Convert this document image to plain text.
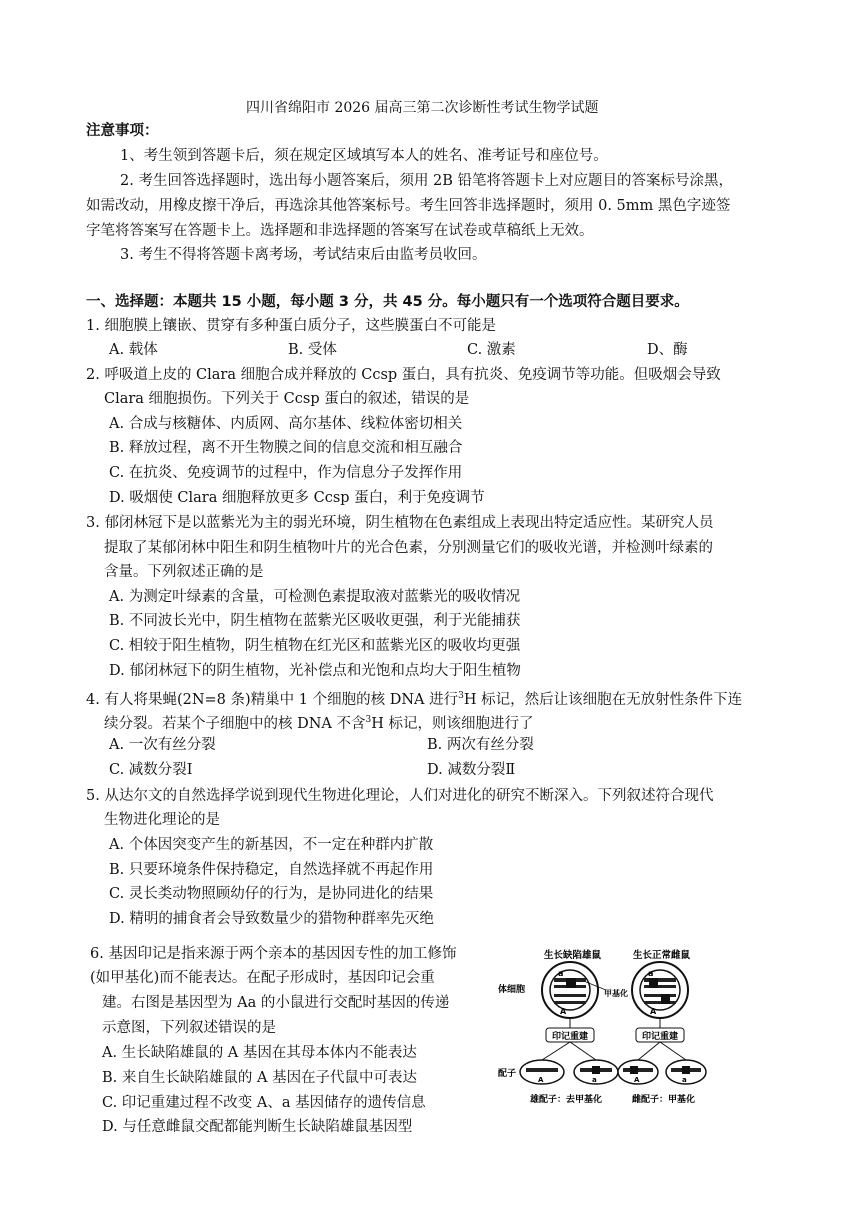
四川省绵阳市 2026 届高三第二次诊断性考试生物学试题
注意事项：
1、考生领到答题卡后，须在规定区域填写本人的姓名、准考证号和座位号。
2. 考生回答选择题时，选出每小题答案后，须用 2B 铅笔将答题卡上对应题目的答案标号涂黑，
如需改动，用橡皮擦干净后，再选涂其他答案标号。考生回答非选择题时，须用 0. 5mm 黑色字迹签
字笔将答案写在答题卡上。选择题和非选择题的答案写在试卷或草稿纸上无效。
3. 考生不得将答题卡离考场，考试结束后由监考员收回。
一、选择题：本题共 15 小题，每小题 3 分，共 45 分。每小题只有一个选项符合题目要求。
1. 细胞膜上镶嵌、贯穿有多种蛋白质分子，这些膜蛋白不可能是
A. 载体	B. 受体	C. 激素	D、酶
2. 呼吸道上皮的 Clara 细胞合成并释放的 Ccsp 蛋白，具有抗炎、免疫调节等功能。但吸烟会导致
Clara 细胞损伤。下列关于 Ccsp 蛋白的叙述，错误的是
A. 合成与核糖体、内质网、高尔基体、线粒体密切相关
B. 释放过程，离不开生物膜之间的信息交流和相互融合
C. 在抗炎、免疫调节的过程中，作为信息分子发挥作用
D. 吸烟使 Clara 细胞释放更多 Ccsp 蛋白，利于免疫调节
3. 郁闭林冠下是以蓝紫光为主的弱光环境，阴生植物在色素组成上表现出特定适应性。某研究人员
提取了某郁闭林中阳生和阴生植物叶片的光合色素，分别测量它们的吸收光谱，并检测叶绿素的
含量。下列叙述正确的是
A. 为测定叶绿素的含量，可检测色素提取液对蓝紫光的吸收情况
B. 不同波长光中，阴生植物在蓝紫光区吸收更强，利于光能捕获
C. 相较于阳生植物，阴生植物在红光区和蓝紫光区的吸收均更强
D. 郁闭林冠下的阴生植物，光补偿点和光饱和点均大于阳生植物
4. 有人将果蝇(2N=8 条)精巢中 1 个细胞的核 DNA 进行$^3$H 标记，然后让该细胞在无放射性条件下连
续分裂。若某个子细胞中的核 DNA 不含$^3$H 标记，则该细胞进行了
A. 一次有丝分裂	B. 两次有丝分裂
C. 减数分裂Ⅰ	D. 减数分裂Ⅱ
5. 从达尔文的自然选择学说到现代生物进化理论，人们对进化的研究不断深入。下列叙述符合现代
生物进化理论的是
A. 个体因突变产生的新基因，不一定在种群内扩散
B. 只要环境条件保持稳定，自然选择就不再起作用
C. 灵长类动物照顾幼仔的行为，是协同进化的结果
D. 精明的捕食者会导致数量少的猎物种群率先灭绝
6. 基因印记是指来源于两个亲本的基因因专性的加工修饰
(如甲基化)而不能表达。在配子形成时，基因印记会重
建。右图是基因型为 Aa 的小鼠进行交配时基因的传递
示意图，下列叙述错误的是
A. 生长缺陷雄鼠的 A 基因在其母本体内不能表达
B. 来自生长缺陷雄鼠的 A 基因在子代鼠中可表达
C. 印记重建过程不改变 A、a 基因储存的遗传信息
D. 与任意雌鼠交配都能判断生长缺陷雄鼠基因型
生长缺陷雄鼠	生长正常雌鼠
体细胞
配子
a
A
甲基化
a
A
印记重建	印记重建
A	a	A	a
雄配子：去甲基化	雌配子：甲基化
